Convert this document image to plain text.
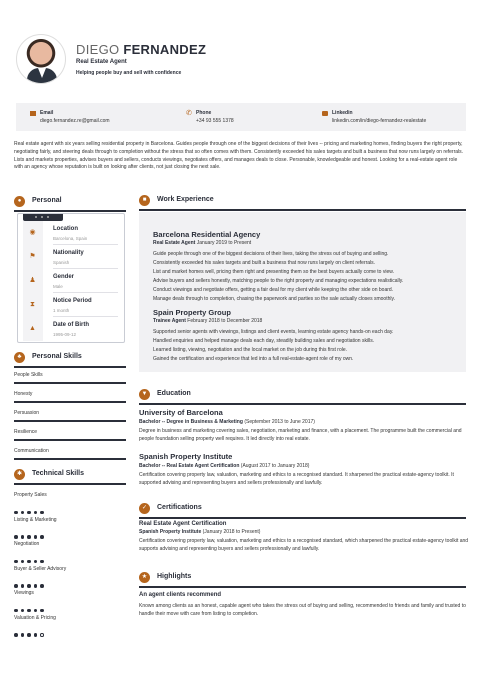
DIEGO FERNANDEZ
Real Estate Agent
Helping people buy and sell with confidence
Email
diego.fernandez.re@gmail.com
✆ Phone
+34 93 555 1378
Linkedin
linkedin.com/in/diego-fernandez-realestate
Real estate agent with six years selling residential property in Barcelona. Guides people through one of the biggest decisions of their lives -- pricing and marketing homes, finding buyers the right property, negotiating fairly, and steering deals through to completion without the stress that so often comes with them. Consistently exceeded his sales targets and built a business that now runs largely on referrals. Lists and markets properties, advises buyers and sellers, conducts viewings, negotiates offers, and manages deals to close. Personable, knowledgeable and honest. Looking for a real-estate agent role with an agency whose reputation is built on looking after clients, not just closing the next sale.
●	Personal
◉	Location
Barcelona, Spain
⚑	Nationality
Spanish
♟	Gender
Male
⧗	Notice Period
1 month
▲	Date of Birth
1995-09-12
♣	Personal Skills
People Skills
Honesty
Persuasion
Resilience
Communication
✱	Technical Skills
Property Sales
Listing & Marketing
Negotiation
Buyer & Seller Advisory
Viewings
Valuation & Pricing
■	Work Experience
Barcelona Residential Agency
Real Estate Agent January 2019 to Present
Guide people through one of the biggest decisions of their lives, taking the stress out of buying and selling.
Consistently exceeded his sales targets and built a business that now runs largely on client referrals.
List and market homes well, pricing them right and presenting them so the best buyers actually come to view.
Advise buyers and sellers honestly, matching people to the right property and managing expectations realistically.
Conduct viewings and negotiate offers, getting a fair deal for my client while keeping the other side on board.
Manage deals through to completion, chasing the paperwork and parties so the sale actually closes smoothly.
Spain Property Group
Trainee Agent February 2018 to December 2018
Supported senior agents with viewings, listings and client events, learning estate agency hands-on each day.
Handled enquiries and helped manage deals each day, steadily building sales and negotiation skills.
Learned listing, viewing, negotiation and the local market on the job during this first role.
Gained the certification and experience that led into a full real-estate-agent role of my own.
▼	Education
University of Barcelona
Bachelor -- Degree in Business & Marketing (September 2013 to June 2017)
Degree in business and marketing covering sales, negotiation, marketing and finance, with a placement. The programme built the commercial and people foundation selling property well requires. It led directly into real estate.
Spanish Property Institute
Bachelor -- Real Estate Agent Certification (August 2017 to January 2018)
Certification covering property law, valuation, marketing and ethics to a recognised standard. It sharpened the practical estate-agency toolkit. It supported advising and representing buyers and sellers professionally and lawfully.
✓	Certifications
Real Estate Agent Certification
Spanish Property Institute (January 2018 to Present)
Certification covering property law, valuation, marketing and ethics to a recognised standard, which sharpened the practical estate-agency toolkit and supports advising and representing buyers and sellers professionally and lawfully.
★	Highlights
An agent clients recommend
Known among clients as an honest, capable agent who takes the stress out of buying and selling, recommended to friends and family and trusted to handle their move with care from listing to completion.
